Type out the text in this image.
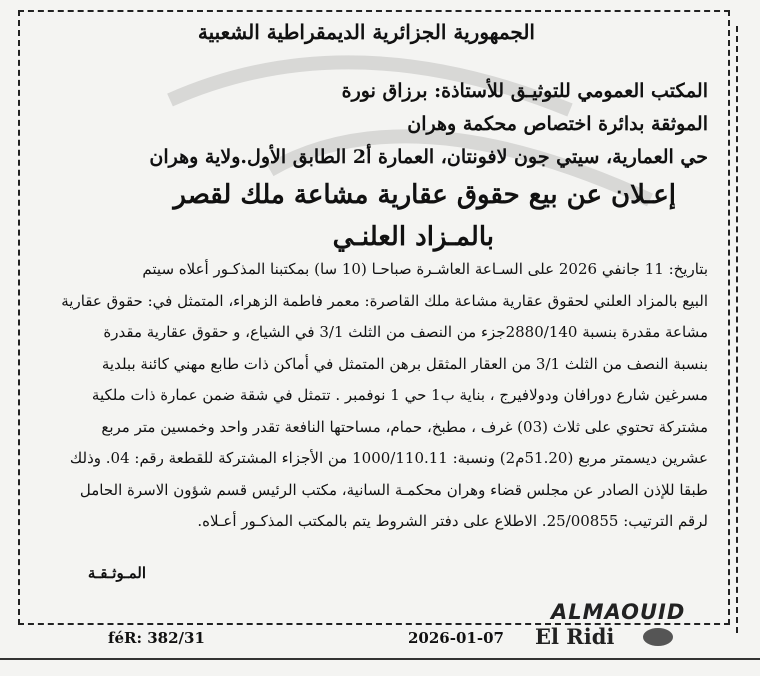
الجمهورية الجزائرية الديمقراطية الشعبية
المكتب العمومي للتوثيـق للأستاذة: برزاق نورة
الموثقة بدائرة اختصاص محكمة وهران
حي العمارية، سيتي جون لافونتان، العمارة أ2 الطابق الأول.ولاية وهران
إعـلان عن بيع حقوق عقارية مشاعة ملك لقصر
بالمـزاد العلنـي

بتاريخ: 11 جانفي 2026 على السـاعة العاشـرة صباحـا (10 سا) بمكتبنا المذكـور أعلاه سيتم

البيع بالمزاد العلني لحقوق عقارية مشاعة ملك القاصرة: معمر فاطمة الزهراء، المتمثل في: حقوق عقارية

مشاعة مقدرة بنسبة 2880/140جزء من النصف من الثلث 3/1 في الشياع، و حقوق عقارية مقدرة

بنسبة النصف من الثلث 3/1 من العقار المثقل برهن المتمثل في أماكن ذات طابع مهني كائنة ببلدية

مسرغين شارع دورافان ودولافيرج ، بناية ب1 حي 1 نوفمبر . تتمثل في شقة ضمن عمارة ذات ملكية

مشتركة تحتوي على ثلاث (03) غرف ، مطبخ، حمام، مساحتها النافعة تقدر واحد وخمسين متر مربع

عشرين ديسمتر مربع (51.20م2) ونسبة: 1000/110.11 من الأجزاء المشتركة للقطعة رقم: 04. وذلك

طبقا للإذن الصادر عن مجلس قضاء وهران محكمـة السانية، مكتب الرئيس قسم شؤون الاسرة الحامل

لرقم الترتيب: 25/00855. الاطلاع على دفتر الشروط يتم بالمكتب المذكـور أعـلاه.

المـوثـقـة
féR: 382/31	2026-01-07
ALMAOUID
El Ridi
